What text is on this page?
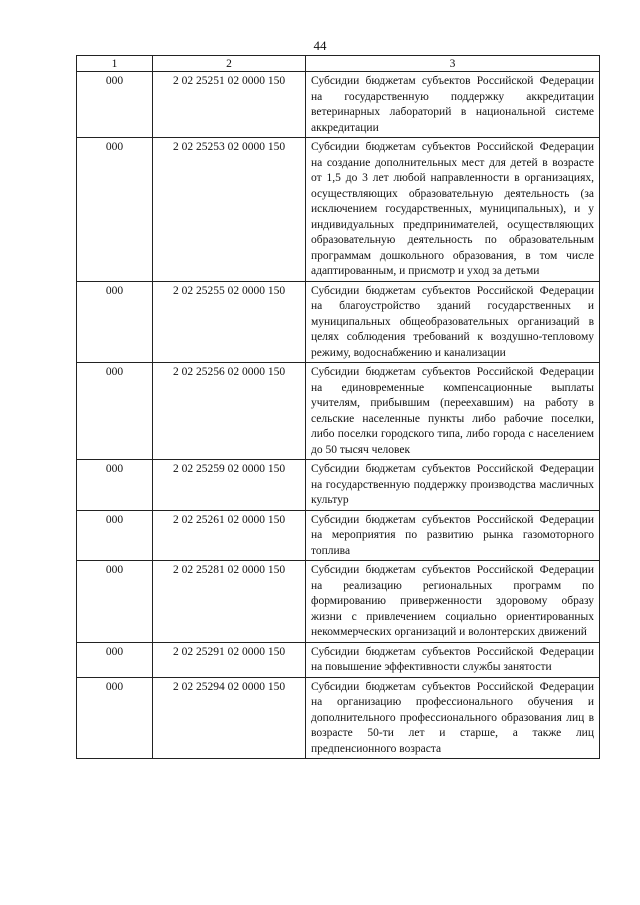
44
1	2	3
000	2 02 25251 02 0000 150	Субсидии бюджетам субъектов Российской Федерации на государственную поддержку аккредитации ветеринарных лабораторий в национальной системе аккредитации
000	2 02 25253 02 0000 150	Субсидии бюджетам субъектов Российской Федерации на создание дополнительных мест для детей в возрасте от 1,5 до 3 лет любой направленности в организациях, осуществляющих образовательную деятельность (за исключением государственных, муниципальных), и у индивидуальных предпринимателей, осуществляющих образовательную деятельность по образовательным программам дошкольного образования, в том числе адаптированным, и присмотр и уход за детьми
000	2 02 25255 02 0000 150	Субсидии бюджетам субъектов Российской Федерации на благоустройство зданий государственных и муниципальных общеобразовательных организаций в целях соблюдения требований к воздушно-тепловому режиму, водоснабжению и канализации
000	2 02 25256 02 0000 150	Субсидии бюджетам субъектов Российской Федерации на единовременные компенсационные выплаты учителям, прибывшим (переехавшим) на работу в сельские населенные пункты либо рабочие поселки, либо поселки городского типа, либо города с населением до 50 тысяч человек
000	2 02 25259 02 0000 150	Субсидии бюджетам субъектов Российской Федерации на государственную поддержку производства масличных культур
000	2 02 25261 02 0000 150	Субсидии бюджетам субъектов Российской Федерации на мероприятия по развитию рынка газомоторного топлива
000	2 02 25281 02 0000 150	Субсидии бюджетам субъектов Российской Федерации на реализацию региональных программ по формированию приверженности здоровому образу жизни с привлечением социально ориентированных некоммерческих организаций и волонтерских движений
000	2 02 25291 02 0000 150	Субсидии бюджетам субъектов Российской Федерации на повышение эффективности службы занятости
000	2 02 25294 02 0000 150	Субсидии бюджетам субъектов Российской Федерации на организацию профессионального обучения и дополнительного профессионального образования лиц в возрасте 50-ти лет и старше, а также лиц предпенсионного возраста
